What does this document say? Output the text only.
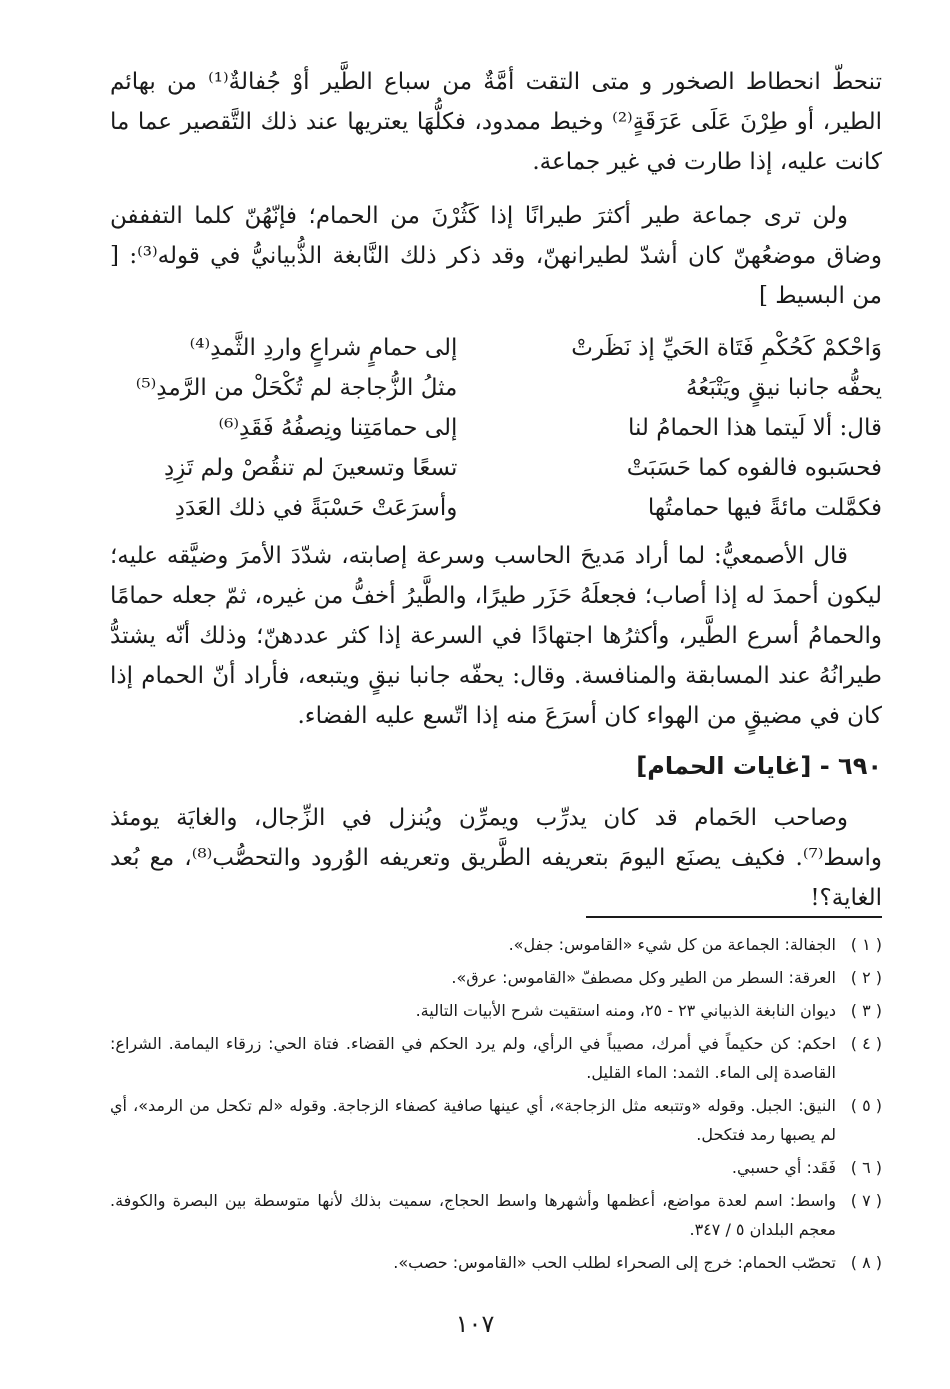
تنحطّ انحطاط الصخور و متى التقت أمَّةٌ من سباع الطَّير أوْ جُفالةٌ⁽¹⁾ من بهائم الطير، أو طِرْنَ عَلَى عَرَقَةٍ⁽²⁾ وخيط ممدود، فكلُّهَا يعتريها عند ذلك التَّقصير عما ما كانت عليه، إذا طارت في غير جماعة.

ولن ترى جماعة طير أكثرَ طيرانًا إذا كَثُرْنَ من الحمام؛ فإنّهُنّ كلما التفففن وضاق موضعُهنّ كان أشدّ لطيرانهنّ، وقد ذكر ذلك النَّابغة الذُّبيانيُّ في قوله⁽³⁾: [ من البسيط ]

وَاحْكمْ كَحُكْمِ فَتَاة الحَيِّ إذ نَظَرتْ
إلى حمامٍ شراعٍ واردِ الثَّمدِ⁽⁴⁾
يحفُّه جانبا نيقٍ ويَتْبَعُهُ
مثلُ الزُّجاجة لم تُكْحَلْ من الرَّمدِ⁽⁵⁾
قال: ألا لَيتما هذا الحمامُ لنا
إلى حمامَتِنا ونِصفُهُ فَقَدِ⁽⁶⁾
فحسَبوه فالفوه كما حَسَبَتْ
تسعًا وتسعينَ لم تنقُصْ ولم تَزِدِ
فكمَّلت مائةً فيها حمامتُها
وأسرَعَتْ حَسْبَةً في ذلك العَدَدِ

قال الأصمعيُّ: لما أراد مَديحَ الحاسب وسرعة إصابته، شدّدَ الأمرَ وضيَّقه عليه؛ ليكون أحمدَ له إذا أصاب؛ فجعلَهُ حَزَر طيرًا، والطَّيرُ أخفُّ من غيره، ثمّ جعله حمامًا والحمامُ أسرع الطَّير، وأكثرُها اجتهادًا في السرعة إذا كثر عددهنّ؛ وذلك أنّه يشتدُّ طيرانُهُ عند المسابقة والمنافسة. وقال: يحفّه جانبا نيقٍ ويتبعه، فأراد أنّ الحمام إذا كان في مضيقٍ من الهواء كان أسرَعَ منه إذا اتّسع عليه الفضاء.

٦٩٠ - [غايات الحمام]

وصاحب الحَمام قد كان يدرِّب ويمرِّن ويُنزل في الزِّجال، والغايَة يومئذ واسط⁽⁷⁾. فكيف يصنَع اليومَ بتعريفه الطَّريق وتعريفه الوُرود والتحصُّب⁽⁸⁾، مع بُعد الغاية؟!

( ١ )
الجفالة: الجماعة من كل شيء «القاموس: جفل».
( ٢ )
العرقة: السطر من الطير وكل مصطفّ «القاموس: عرق».
( ٣ )
ديوان النابغة الذبياني ٢٣ - ٢٥، ومنه استقيت شرح الأبيات التالية.
( ٤ )
احكم: كن حكيماً في أمرك، مصيباً في الرأي، ولم يرد الحكم في القضاء. فتاة الحي: زرقاء اليمامة. الشراع: القاصدة إلى الماء. الثمد: الماء القليل.
( ٥ )
النيق: الجبل. وقوله «وتتبعه مثل الزجاجة»، أي عينها صافية كصفاء الزجاجة. وقوله «لم تكحل من الرمد»، أي لم يصبها رمد فتكحل.
( ٦ )
فَقَد: أي حسبي.
( ٧ )
واسط: اسم لعدة مواضع، أعظمها وأشهرها واسط الحجاج، سميت بذلك لأنها متوسطة بين البصرة والكوفة. معجم البلدان ٥ / ٣٤٧.
( ٨ )
تحصّب الحمام: خرج إلى الصحراء لطلب الحب «القاموس: حصب».
١٠٧
